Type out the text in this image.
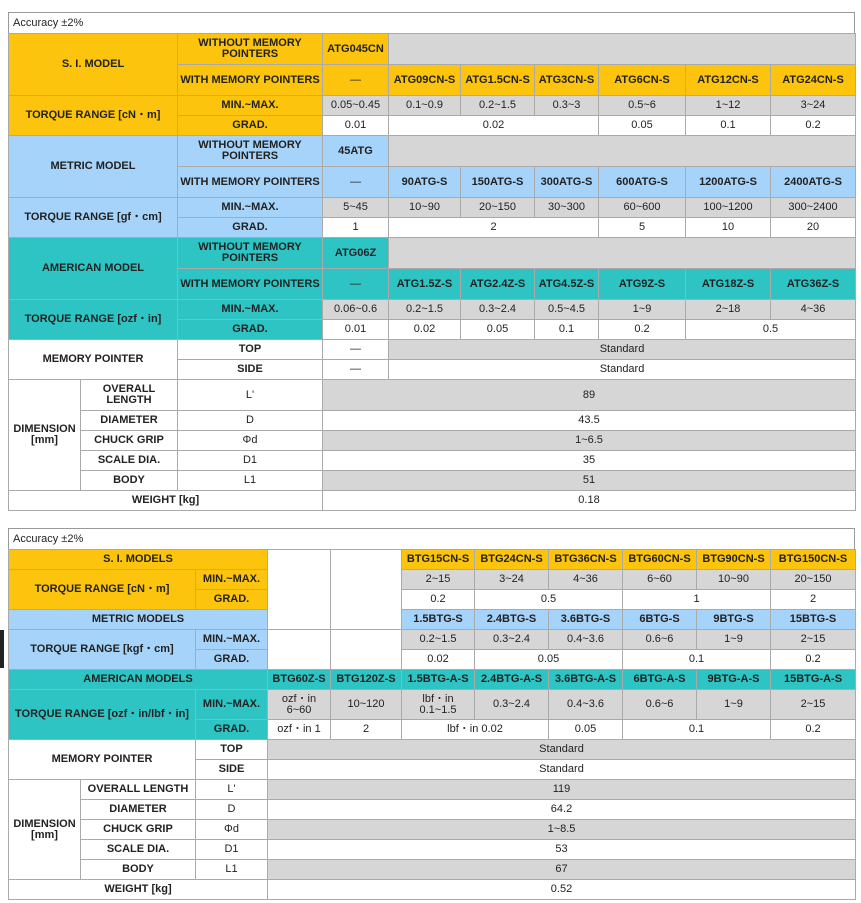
Accuracy ±2%
S. I. MODEL	WITHOUT MEMORY POINTERS	ATG045CN							
	WITH MEMORY POINTERS	—	ATG09CN-S	ATG1.5CN-S	ATG3CN-S	ATG6CN-S	ATG12CN-S	ATG24CN-S	
TORQUE RANGE [cN・m]	MIN.~MAX.	0.05~0.45	0.1~0.9	0.2~1.5	0.3~3	0.5~6	1~12	3~24	
	GRAD.	0.01	0.02			0.05	0.1	0.2	
METRIC MODEL	WITHOUT MEMORY POINTERS	45ATG							
	WITH MEMORY POINTERS	—	90ATG-S	150ATG-S	300ATG-S	600ATG-S	1200ATG-S	2400ATG-S	
TORQUE RANGE [gf・cm]	MIN.~MAX.	5~45	10~90	20~150	30~300	60~600	100~1200	300~2400	
	GRAD.	1	2			5	10	20	
AMERICAN MODEL	WITHOUT MEMORY POINTERS	ATG06Z							
	WITH MEMORY POINTERS	—	ATG1.5Z-S	ATG2.4Z-S	ATG4.5Z-S	ATG9Z-S	ATG18Z-S	ATG36Z-S	
TORQUE RANGE [ozf・in]	MIN.~MAX.	0.06~0.6	0.2~1.5	0.3~2.4	0.5~4.5	1~9	2~18	4~36	
	GRAD.	0.01	0.02	0.05	0.1	0.2	0.5		
MEMORY POINTER	TOP	—	Standard						
	SIDE	—	Standard						
DIMENSION [mm]	OVERALL LENGTH	L'	89
	DIAMETER	D	43.5
	CHUCK GRIP	Φd	1~6.5
	SCALE DIA.	D1	35
	BODY	L1	51
WEIGHT [kg]			0.18
Accuracy ±2%
S. I. MODELS				BTG15CN-S	BTG24CN-S	BTG36CN-S	BTG60CN-S	BTG90CN-S	BTG150CN-S
TORQUE RANGE [cN・m]	MIN.~MAX.			2~15	3~24	4~36	6~60	10~90	20~150
	GRAD.			0.2	0.5		1		2
METRIC MODELS				1.5BTG-S	2.4BTG-S	3.6BTG-S	6BTG-S	9BTG-S	15BTG-S
TORQUE RANGE [kgf・cm]	MIN.~MAX.			0.2~1.5	0.3~2.4	0.4~3.6	0.6~6	1~9	2~15
	GRAD.			0.02	0.05		0.1		0.2
AMERICAN MODELS		BTG60Z-S	BTG120Z-S	1.5BTG-A-S	2.4BTG-A-S	3.6BTG-A-S	6BTG-A-S	9BTG-A-S	15BTG-A-S
TORQUE RANGE [ozf・in/lbf・in]	MIN.~MAX.	ozf・in 6~60	10~120	lbf・in 0.1~1.5	0.3~2.4	0.4~3.6	0.6~6	1~9	2~15
	GRAD.	ozf・in 1	2	lbf・in 0.02		0.05	0.1		0.2
MEMORY POINTER		TOP	Standard
		SIDE	Standard
DIMENSION [mm]	OVERALL LENGTH	L'	119
	DIAMETER	D	64.2
	CHUCK GRIP	Φd	1~8.5
	SCALE DIA.	D1	53
	BODY	L1	67
WEIGHT [kg]			0.52
